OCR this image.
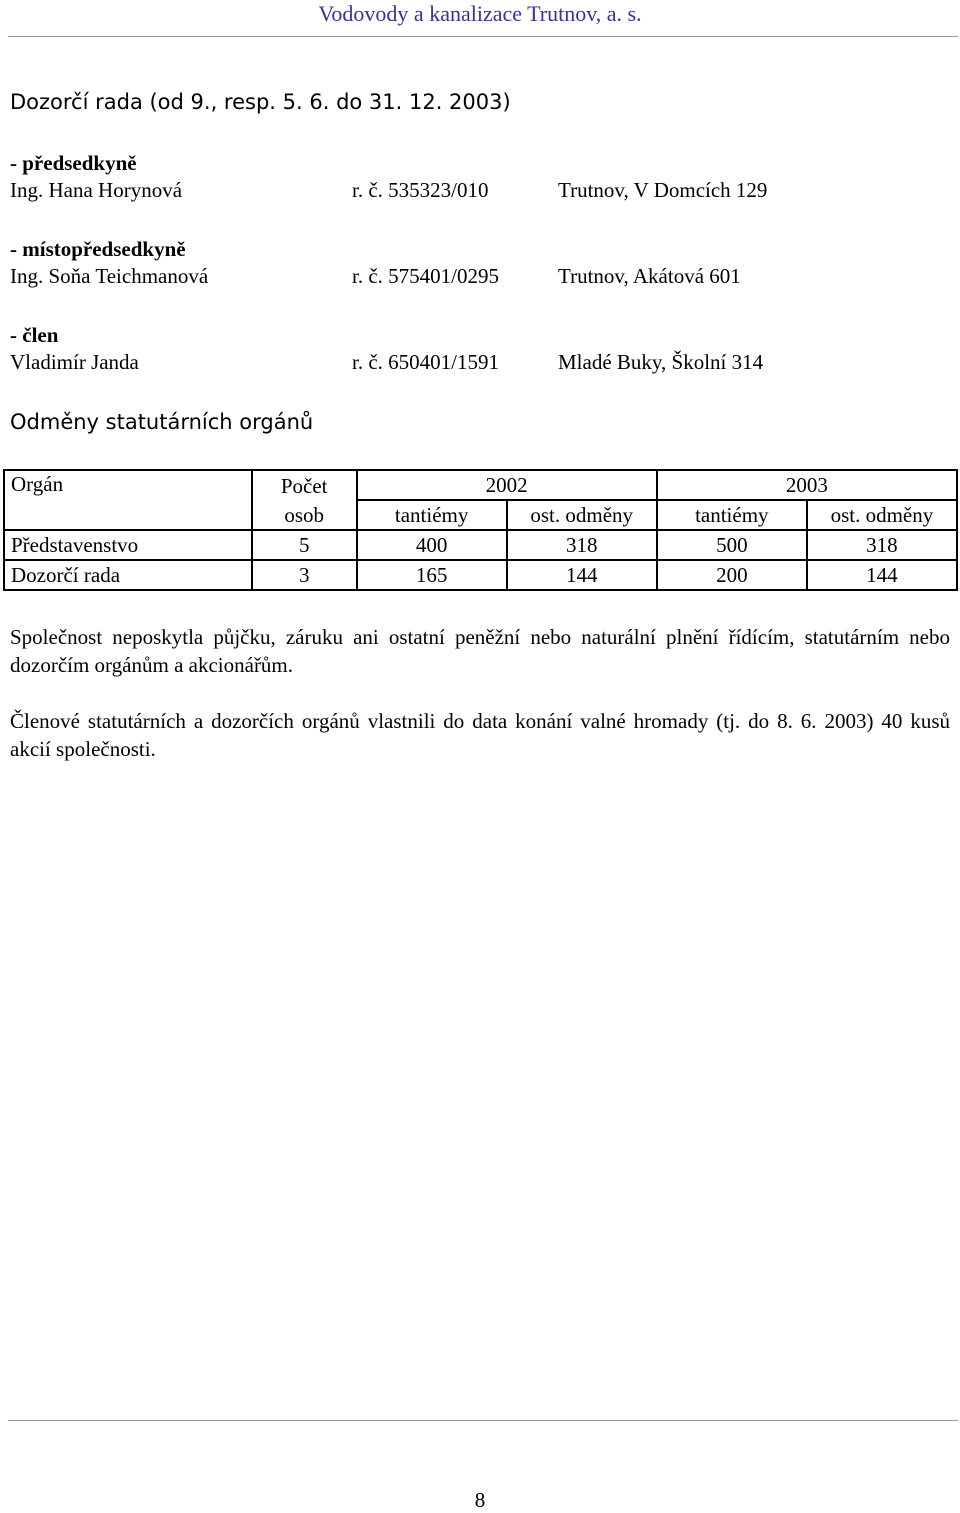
Vodovody a kanalizace Trutnov, a. s.
Dozorčí rada (od 9., resp. 5. 6. do 31. 12. 2003)
- předsedkyně
Ing. Hana Horynová	r. č. 535323/010	Trutnov, V Domcích 129
- místopředsedkyně
Ing. Soňa Teichmanová	r. č. 575401/0295	Trutnov, Akátová 601
- člen
Vladimír Janda	r. č. 650401/1591	Mladé Buky, Školní 314
Odměny statutárních orgánů
Orgán	Počet	2002		2003	
	osob	tantiémy	ost. odměny	tantiémy	ost. odměny
Představenstvo	5	400	318	500	318
Dozorčí rada	3	165	144	200	144
Společnost neposkytla půjčku, záruku ani ostatní peněžní nebo naturální plnění řídícím, statutárním nebo dozorčím orgánům a akcionářům.
Členové statutárních a dozorčích orgánů vlastnili do data konání valné hromady (tj. do 8. 6. 2003) 40 kusů akcií společnosti.
8
